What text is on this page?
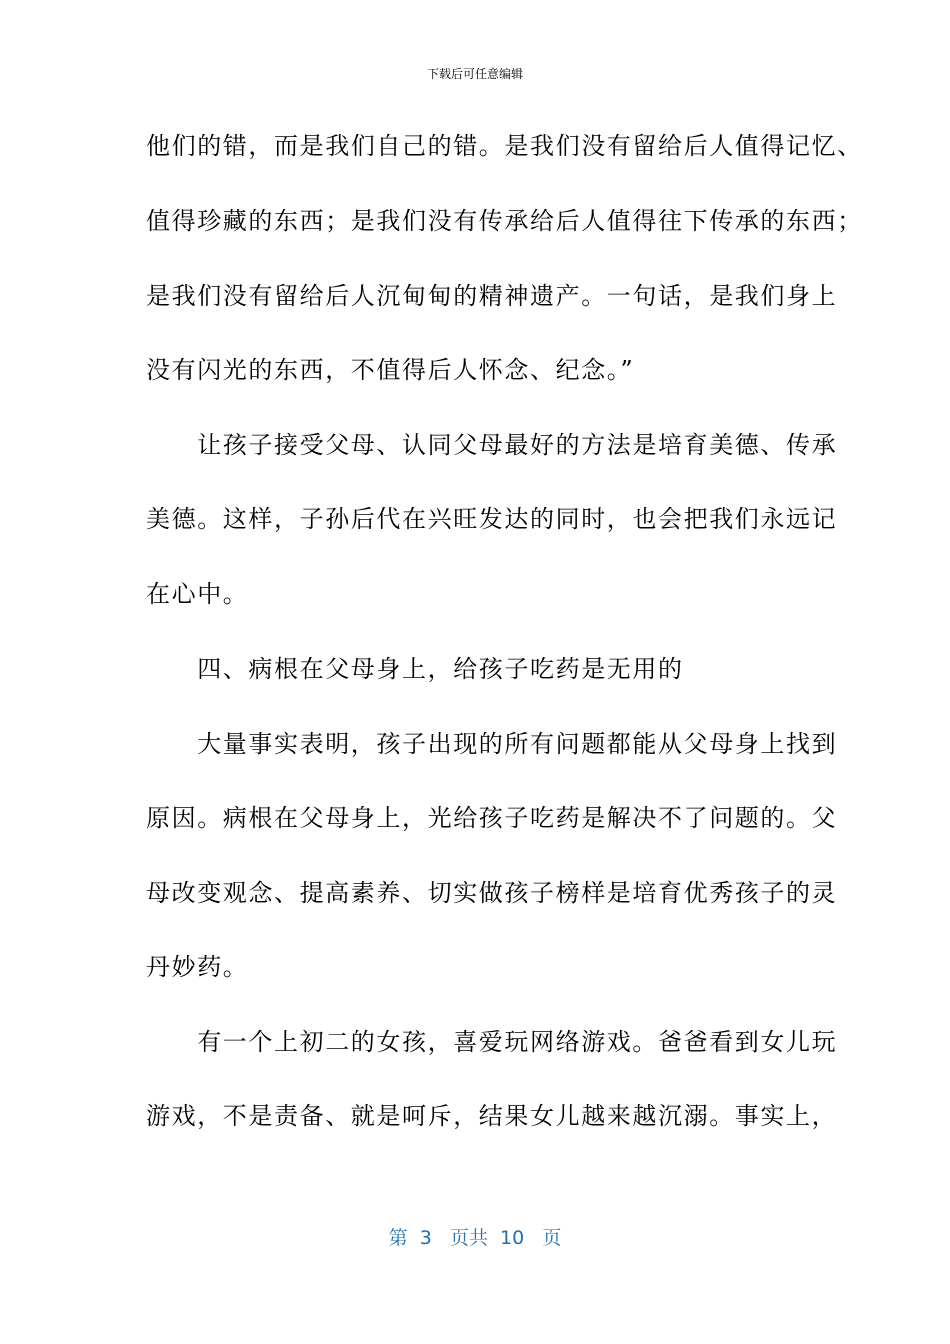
下载后可任意编辑
他们的错，而是我们自己的错。是我们没有留给后人值得记忆、
值得珍藏的东西；是我们没有传承给后人值得往下传承的东西；
是我们没有留给后人沉甸甸的精神遗产。一句话，是我们身上
没有闪光的东西，不值得后人怀念、纪念。”
　　让孩子接受父母、认同父母最好的方法是培育美德、传承
美德。这样，子孙后代在兴旺发达的同时，也会把我们永远记
在心中。
　　四、病根在父母身上，给孩子吃药是无用的
　　大量事实表明，孩子出现的所有问题都能从父母身上找到
原因。病根在父母身上，光给孩子吃药是解决不了问题的。父
母改变观念、提高素养、切实做孩子榜样是培育优秀孩子的灵
丹妙药。
　　有一个上初二的女孩，喜爱玩网络游戏。爸爸看到女儿玩
游戏，不是责备、就是呵斥，结果女儿越来越沉溺。事实上，
第 3 页共 10 页
